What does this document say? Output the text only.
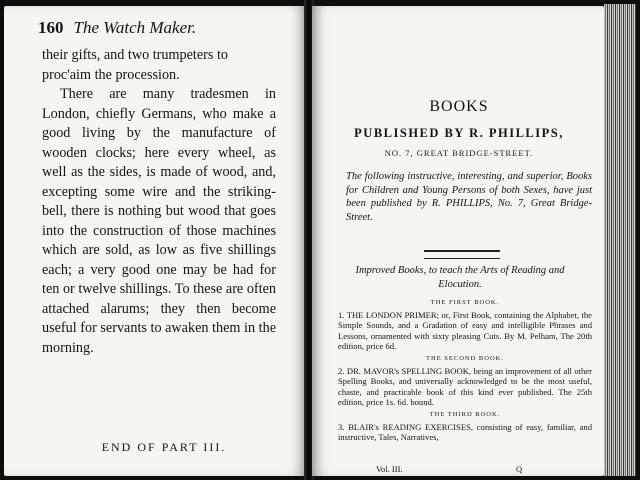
160 The Watch Maker.

their gifts, and two trumpeters to proc'aim the procession.

There are many tradesmen in London, chiefly Germans, who make a good living by the manufacture of wooden clocks; here every wheel, as well as the sides, is made of wood, and, excepting some wire and the striking-bell, there is nothing but wood that goes into the construction of those machines which are sold, as low as five shillings each; a very good one may be had for ten or twelve shillings. To these are often attached alarums; they then become useful for servants to awaken them in the morning.

END OF PART III.
BOOKS
PUBLISHED BY R. PHILLIPS,
NO. 7, GREAT BRIDGE-STREET.
The following instructive, interesting, and superior, Books for Children and Young Persons of both Sexes, have just been published by R. PHILLIPS, No. 7, Great Bridge-Street.
Improved Books, to teach the Arts of Reading and Elocution.
THE FIRST BOOK.
1. THE LONDON PRIMER; or, First Book, containing the Alphabet, the Simple Sounds, and a Gradation of easy and intelligible Phrases and Lessons, ornamented with sixty pleasing Cuts. By M. Pelham, The 20th edition, price 6d.
THE SECOND BOOK.
2. DR. MAVOR's SPELLING BOOK, being an improvement of all other Spelling Books, and universally acknowledged to be the most useful, chaste, and practicable book of this kind ever published. The 25th edition, price 1s. 6d. bound.
THE THIRD BOOK.
3. BLAIR's READING EXERCISES, consisting of easy, familiar, and instructive, Tales, Narratives,
Vol. III.	Q
